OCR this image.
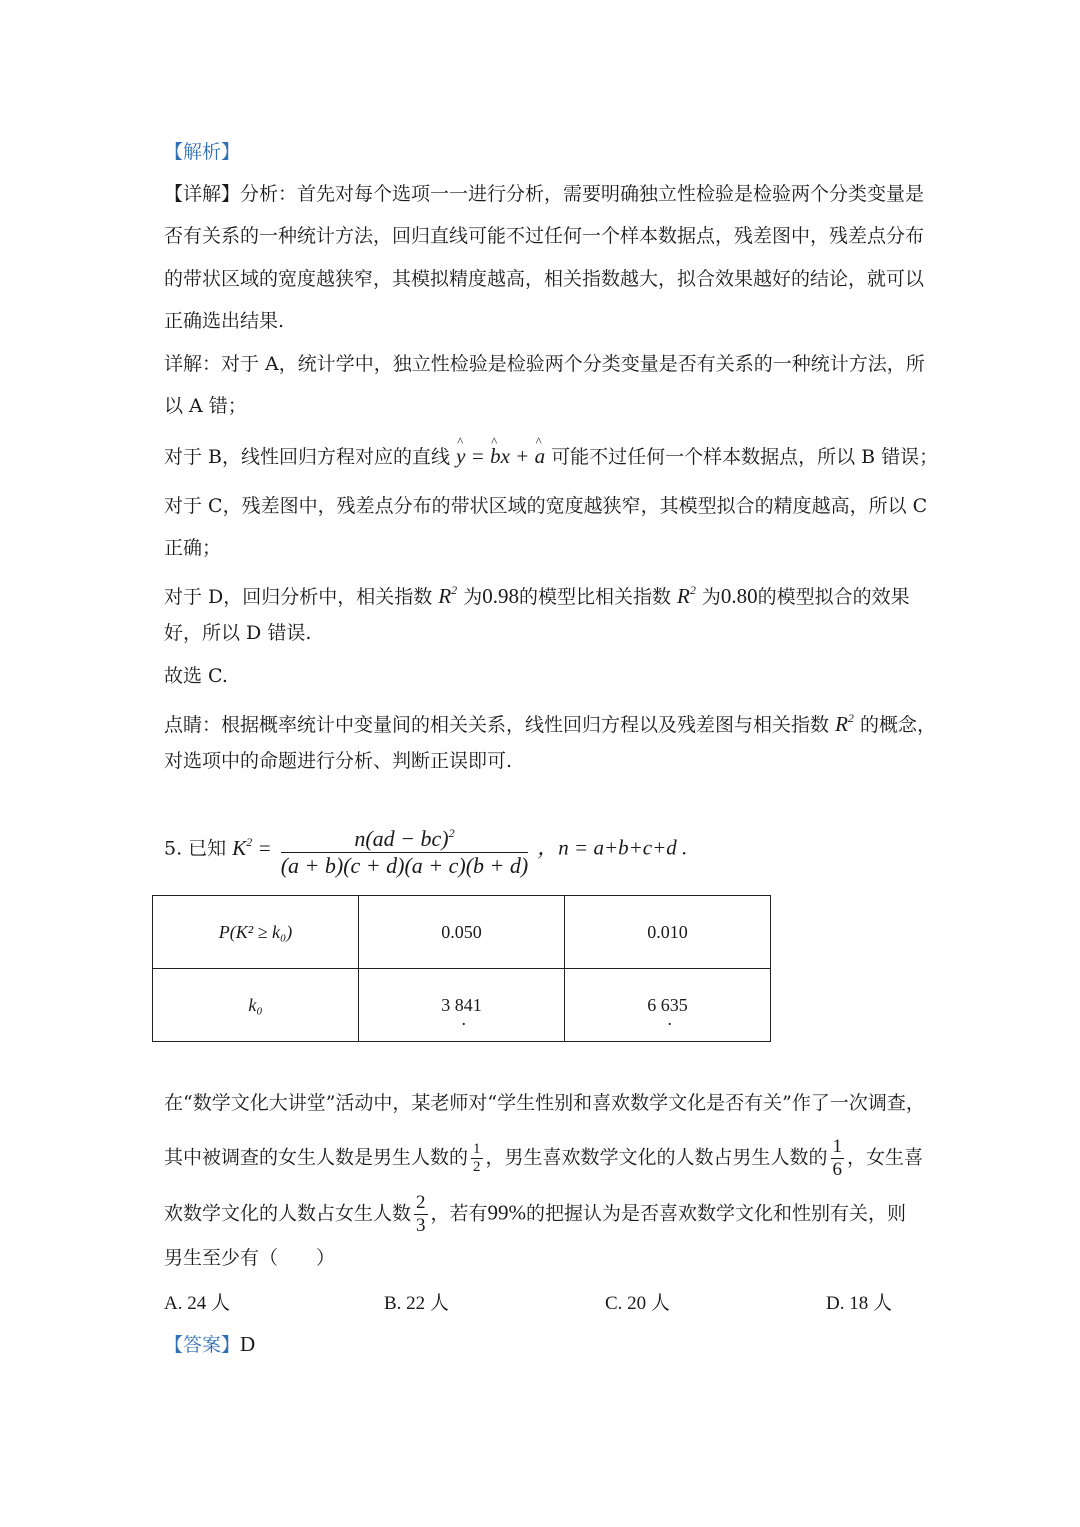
【解析】
【详解】分析：首先对每个选项一一进行分析，需要明确独立性检验是检验两个分类变量是
否有关系的一种统计方法，回归直线可能不过任何一个样本数据点，残差图中，残差点分布
的带状区域的宽度越狭窄，其模拟精度越高，相关指数越大，拟合效果越好的结论，就可以
正确选出结果.
详解：对于 A，统计学中，独立性检验是检验两个分类变量是否有关系的一种统计方法，所
以 A 错；
对于 B，线性回归方程对应的直线 ^ y = ^ bx + ^ a 可能不过任何一个样本数据点，所以 B 错误；
对于 C，残差图中，残差点分布的带状区域的宽度越狭窄，其模型拟合的精度越高，所以 C
正确；
对于 D，回归分析中，相关指数 $R^2$ 为0.98的模型比相关指数 $R^2$ 为0.80的模型拟合的效果
好，所以 D 错误.
故选 C.
点睛：根据概率统计中变量间的相关关系，线性回归方程以及残差图与相关指数 $R^2$ 的概念，
对选项中的命题进行分析、判断正误即可.
5. 已知 $K^2 = \frac{n(ad - bc)^2}{(a + b)(c + d)(a + c)(b + d)}$ ，n = a+b+c+d .
P(K² ≥ k₀)	0.050	0.010
k₀	3 841 .	6 635 .
在“数学文化大讲堂”活动中，某老师对“学生性别和喜欢数学文化是否有关”作了一次调查，
其中被调查的女生人数是男生人数的 $\frac{1}{2}$ ，男生喜欢数学文化的人数占男生人数的 $\frac{1}{6}$ ，女生喜
欢数学文化的人数占女生人数 $\frac{2}{3}$ ，若有99%的把握认为是否喜欢数学文化和性别有关，则
男生至少有（　　）
A. 24 人	B. 22 人	C. 20 人	D. 18 人
【答案】D
